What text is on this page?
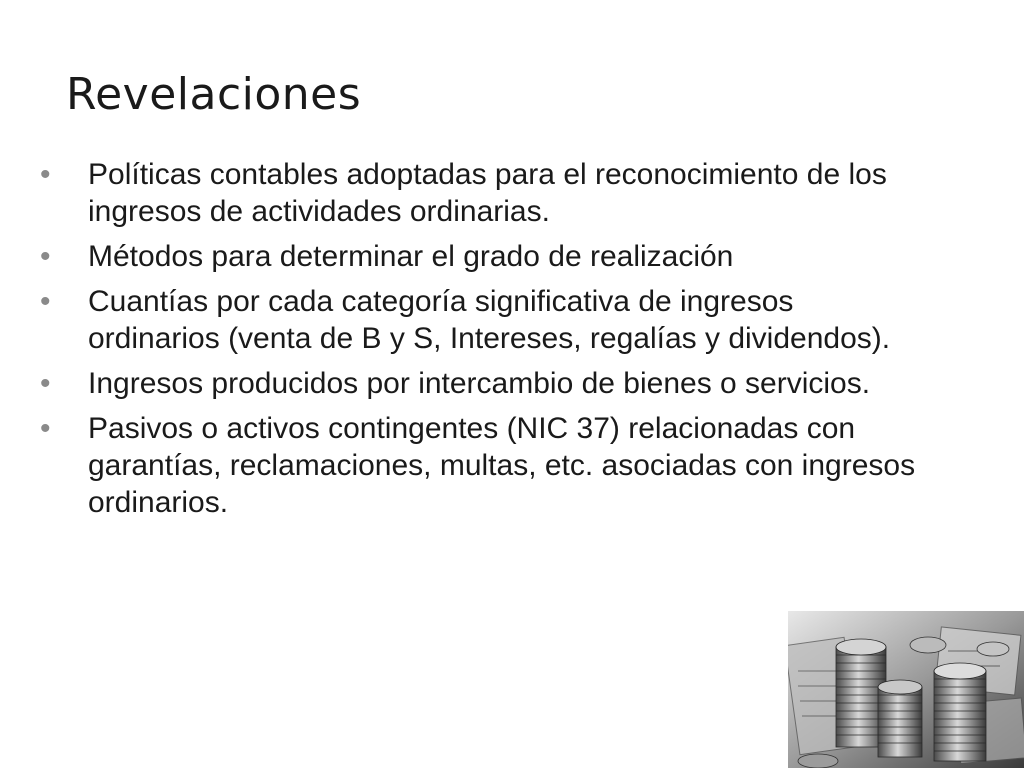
Revelaciones
• Políticas contables adoptadas para el reconocimiento de los ingresos de actividades ordinarias.
• Métodos para determinar el grado de realización
• Cuantías por cada categoría significativa de ingresos ordinarios (venta de B y S, Intereses, regalías y dividendos).
• Ingresos producidos por intercambio de bienes o servicios.
• Pasivos o activos contingentes (NIC 37) relacionadas con garantías, reclamaciones, multas, etc. asociadas con ingresos ordinarios.
